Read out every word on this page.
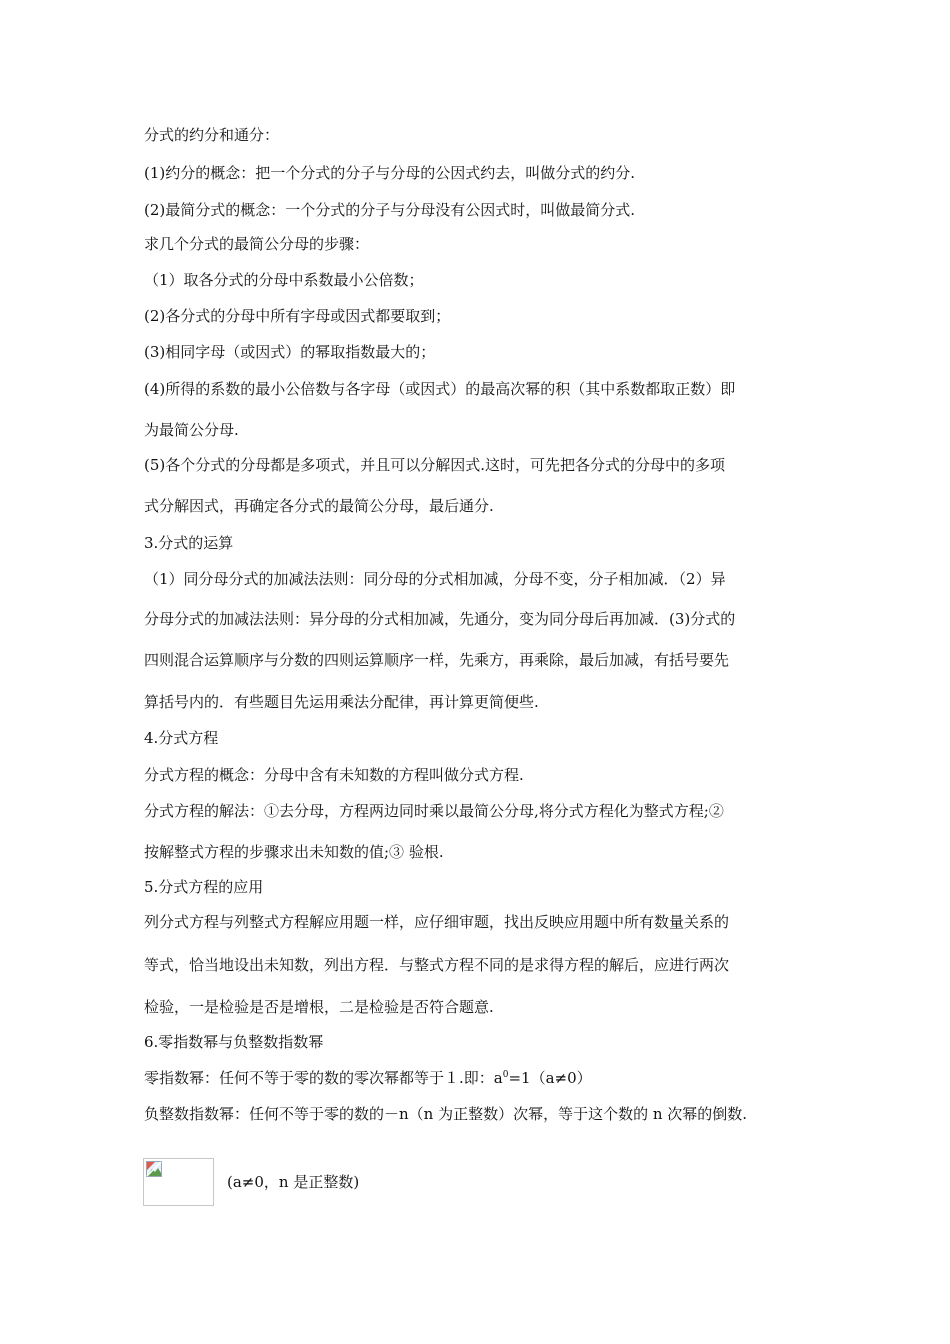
分式的约分和通分：
(1)约分的概念：把一个分式的分子与分母的公因式约去，叫做分式的约分.
(2)最简分式的概念：一个分式的分子与分母没有公因式时，叫做最简分式.
求几个分式的最简公分母的步骤：
（1）取各分式的分母中系数最小公倍数；
(2)各分式的分母中所有字母或因式都要取到；
(3)相同字母（或因式）的幂取指数最大的；
(4)所得的系数的最小公倍数与各字母（或因式）的最高次幂的积（其中系数都取正数）即
为最简公分母.
(5)各个分式的分母都是多项式，并且可以分解因式.这时，可先把各分式的分母中的多项
式分解因式，再确定各分式的最简公分母，最后通分.
3.分式的运算
（1）同分母分式的加减法法则：同分母的分式相加减，分母不变，分子相加减．（2）异
分母分式的加减法法则：异分母的分式相加减，先通分，变为同分母后再加减．(3)分式的
四则混合运算顺序与分数的四则运算顺序一样，先乘方，再乘除，最后加减，有括号要先
算括号内的．有些题目先运用乘法分配律，再计算更简便些.
4.分式方程
分式方程的概念：分母中含有未知数的方程叫做分式方程.
分式方程的解法：①去分母，方程两边同时乘以最简公分母,将分式方程化为整式方程;②
按解整式方程的步骤求出未知数的值;③ 验根.
5.分式方程的应用
列分式方程与列整式方程解应用题一样，应仔细审题，找出反映应用题中所有数量关系的
等式，恰当地设出未知数，列出方程．与整式方程不同的是求得方程的解后，应进行两次
检验，一是检验是否是增根，二是检验是否符合题意.
6.零指数幂与负整数指数幂
零指数幂：任何不等于零的数的零次幂都等于１.即：$a^0=1(a\ne 0)$
负整数指数幂：任何不等于零的数的－n（n 为正整数）次幂，等于这个数的 n 次幂的倒数.
(a≠0，n 是正整数)
